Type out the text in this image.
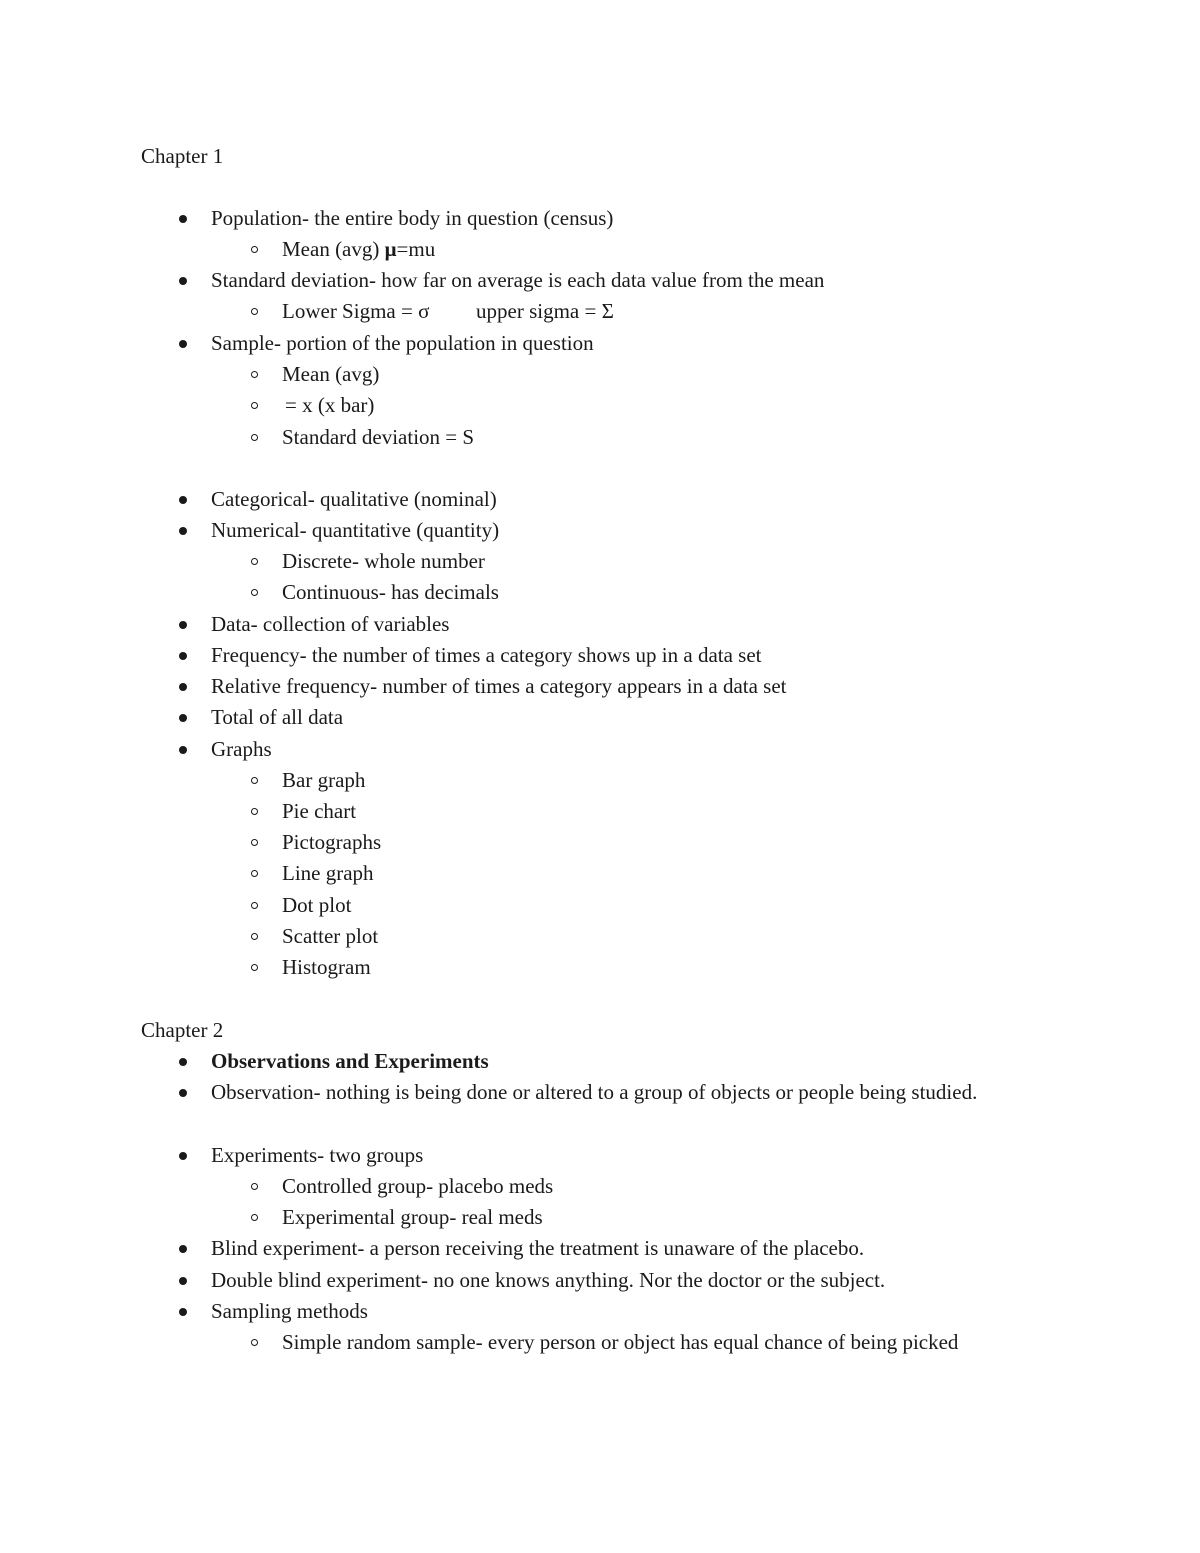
Chapter 1
Population- the entire body in question (census)
Mean (avg) μ=mu
Standard deviation- how far on average is each data value from the mean
Lower Sigma = σ upper sigma = Σ
Sample- portion of the population in question
Mean (avg)
= x (x bar)
Standard deviation = S
Categorical- qualitative (nominal)
Numerical- quantitative (quantity)
Discrete- whole number
Continuous- has decimals
Data- collection of variables
Frequency- the number of times a category shows up in a data set
Relative frequency- number of times a category appears in a data set
Total of all data
Graphs
Bar graph
Pie chart
Pictographs
Line graph
Dot plot
Scatter plot
Histogram
Chapter 2
Observations and Experiments
Observation- nothing is being done or altered to a group of objects or people being studied.
Experiments- two groups
Controlled group- placebo meds
Experimental group- real meds
Blind experiment- a person receiving the treatment is unaware of the placebo.
Double blind experiment- no one knows anything. Nor the doctor or the subject.
Sampling methods
Simple random sample- every person or object has equal chance of being picked
